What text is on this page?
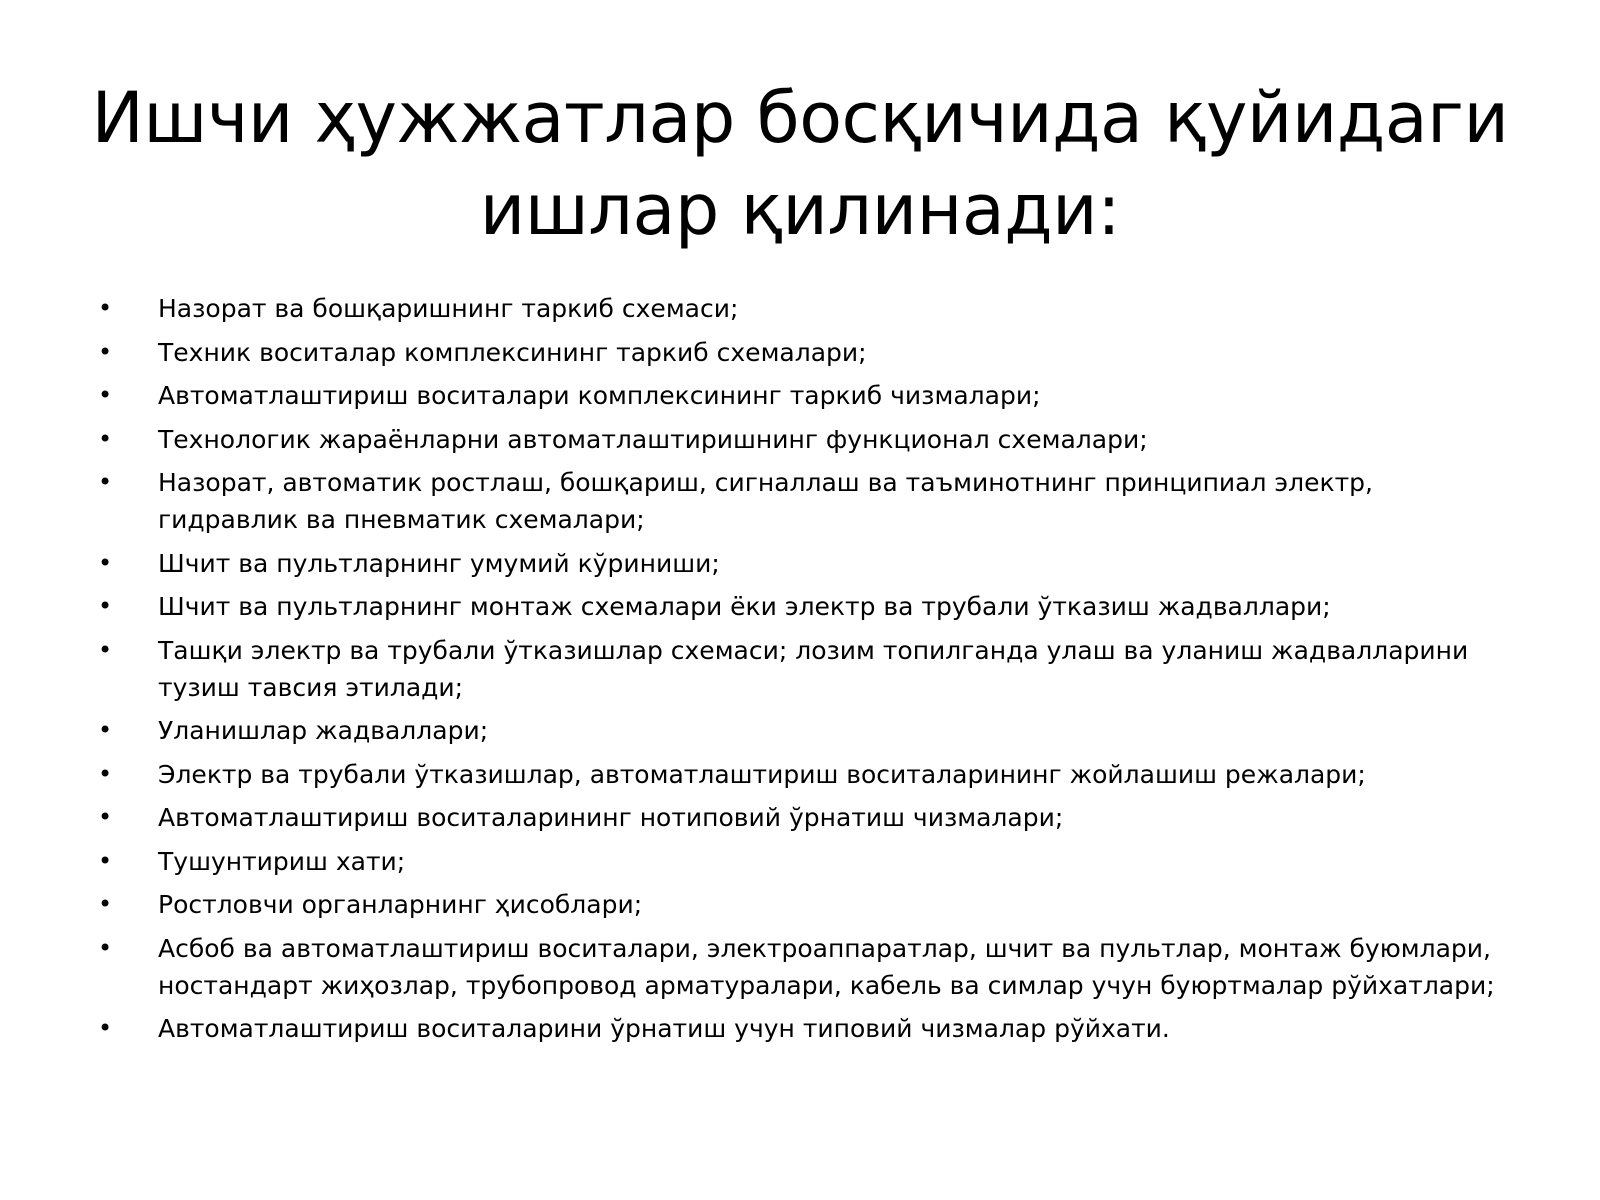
Ишчи ҳужжатлар босқичида қуйидаги
ишлар қилинади:
• Назорат ва бошқаришнинг таркиб схемаси;
• Техник воситалар комплексининг таркиб схемалари;
• Автоматлаштириш воситалари комплексининг таркиб чизмалари;
• Технологик жараёнларни автоматлаштиришнинг функционал схемалари;
• Назорат, автоматик ростлаш, бошқариш, сигналлаш ва таъминотнинг принципиал электр, гидравлик ва пневматик схемалари;
• Шчит ва пультларнинг умумий кўриниши;
• Шчит ва пультларнинг монтаж схемалари ёки электр ва трубали ўтказиш жадваллари;
• Ташқи электр ва трубали ўтказишлар схемаси; лозим топилганда улаш ва уланиш жадвалларини тузиш тавсия этилади;
• Уланишлар жадваллари;
• Электр ва трубали ўтказишлар, автоматлаштириш воситаларининг жойлашиш режалари;
• Автоматлаштириш воситаларининг нотиповий ўрнатиш чизмалари;
• Тушунтириш хати;
• Ростловчи органларнинг ҳисоблари;
• Асбоб ва автоматлаштириш воситалари, электроаппаратлар, шчит ва пультлар, монтаж буюмлари, ностандарт жиҳозлар, трубопровод арматуралари, кабель ва симлар учун буюртмалар рўйхатлари;
• Автоматлаштириш воситаларини ўрнатиш учун типовий чизмалар рўйхати.
